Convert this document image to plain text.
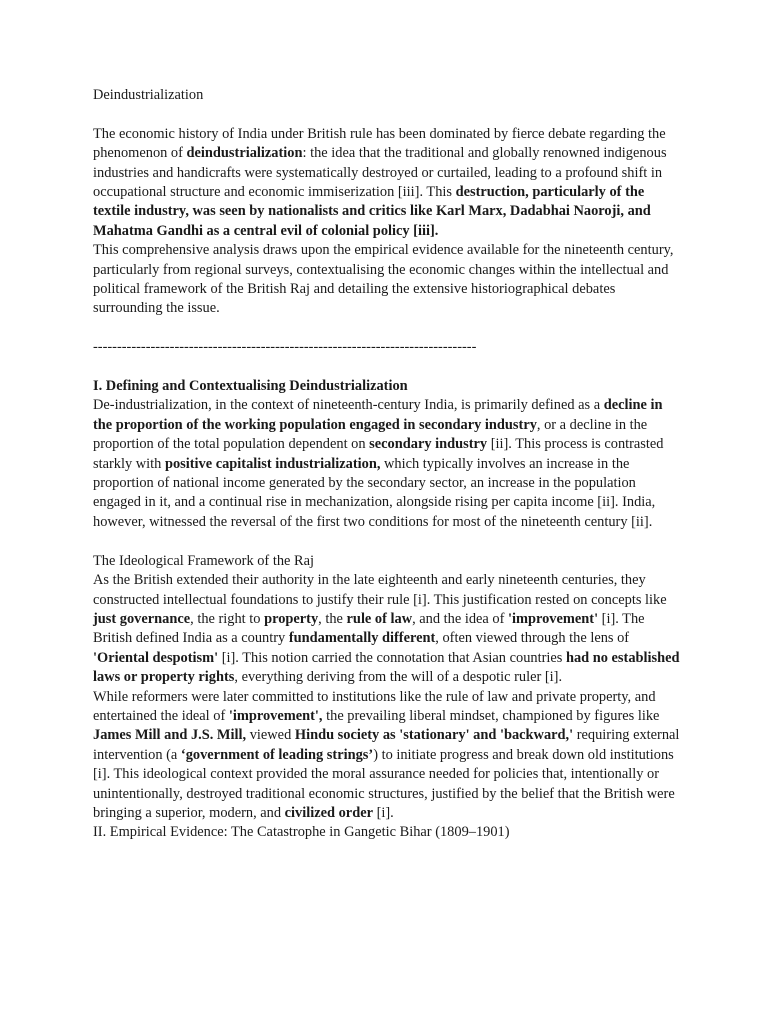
Deindustrialization

The economic history of India under British rule has been dominated by fierce debate regarding the phenomenon of deindustrialization: the idea that the traditional and globally renowned indigenous industries and handicrafts were systematically destroyed or curtailed, leading to a profound shift in occupational structure and economic immiserization [iii]. This destruction, particularly of the textile industry, was seen by nationalists and critics like Karl Marx, Dadabhai Naoroji, and Mahatma Gandhi as a central evil of colonial policy [iii].

This comprehensive analysis draws upon the empirical evidence available for the nineteenth century, particularly from regional surveys, contextualising the economic changes within the intellectual and political framework of the British Raj and detailing the extensive historiographical debates surrounding the issue.

--------------------------------------------------------------------------------

I. Defining and Contextualising Deindustrialization

De-industrialization, in the context of nineteenth-century India, is primarily defined as a decline in the proportion of the working population engaged in secondary industry, or a decline in the proportion of the total population dependent on secondary industry [ii]. This process is contrasted starkly with positive capitalist industrialization, which typically involves an increase in the proportion of national income generated by the secondary sector, an increase in the population engaged in it, and a continual rise in mechanization, alongside rising per capita income [ii]. India, however, witnessed the reversal of the first two conditions for most of the nineteenth century [ii].

The Ideological Framework of the Raj

As the British extended their authority in the late eighteenth and early nineteenth centuries, they constructed intellectual foundations to justify their rule [i]. This justification rested on concepts like just governance, the right to property, the rule of law, and the idea of 'improvement' [i]. The British defined India as a country fundamentally different, often viewed through the lens of 'Oriental despotism' [i]. This notion carried the connotation that Asian countries had no established laws or property rights, everything deriving from the will of a despotic ruler [i].

While reformers were later committed to institutions like the rule of law and private property, and entertained the ideal of 'improvement', the prevailing liberal mindset, championed by figures like James Mill and J.S. Mill, viewed Hindu society as 'stationary' and 'backward,' requiring external intervention (a ‘government of leading strings’) to initiate progress and break down old institutions [i]. This ideological context provided the moral assurance needed for policies that, intentionally or unintentionally, destroyed traditional economic structures, justified by the belief that the British were bringing a superior, modern, and civilized order [i].

II. Empirical Evidence: The Catastrophe in Gangetic Bihar (1809–1901)
